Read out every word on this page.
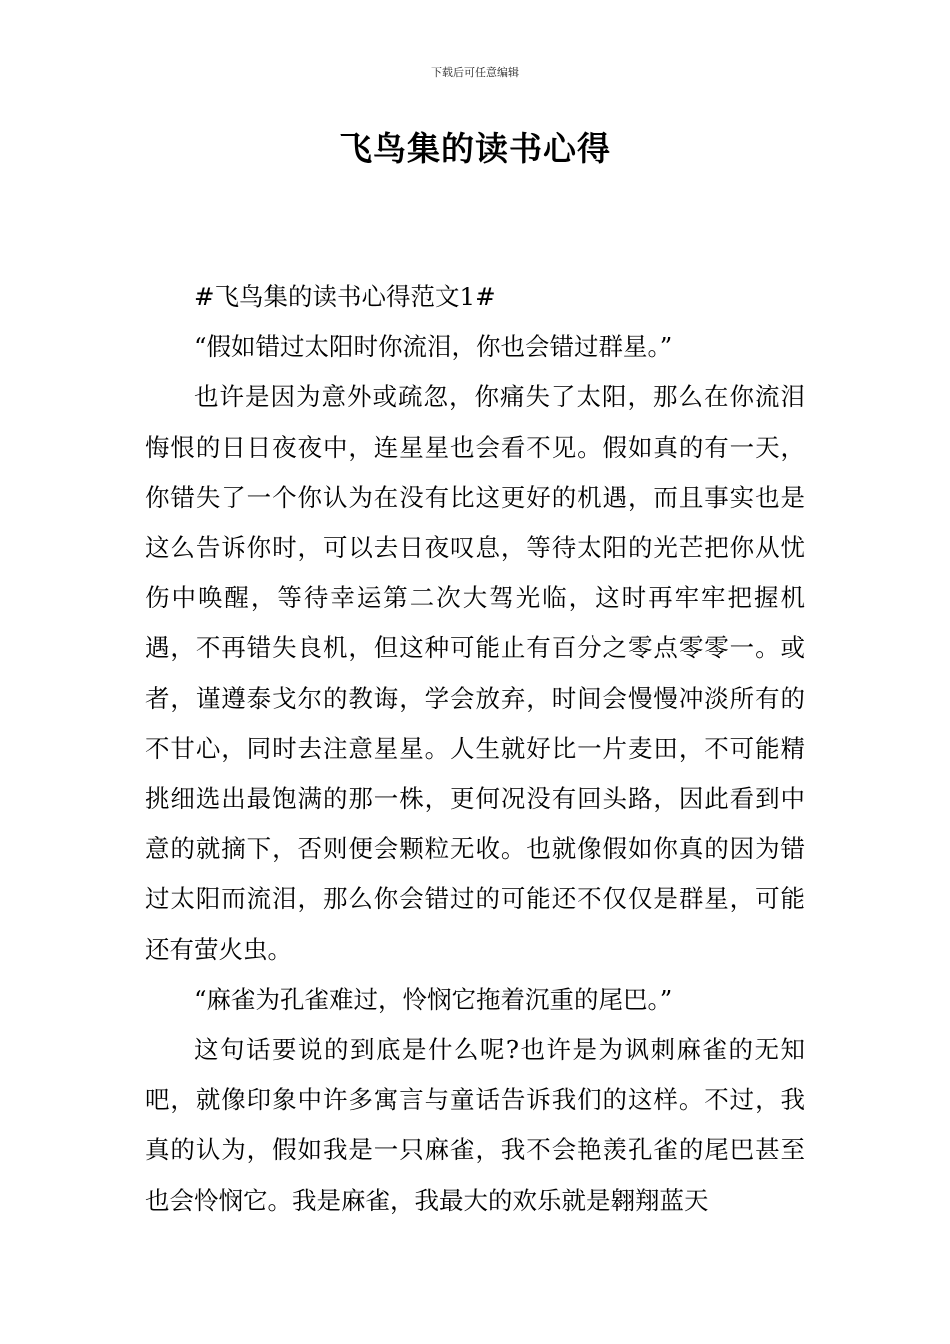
下载后可任意编辑
飞鸟集的读书心得

#飞鸟集的读书心得范文1#

“假如错过太阳时你流泪，你也会错过群星。”

也许是因为意外或疏忽，你痛失了太阳，那么在你流泪悔恨的日日夜夜中，连星星也会看不见。假如真的有一天，你错失了一个你认为在没有比这更好的机遇，而且事实也是这么告诉你时，可以去日夜叹息，等待太阳的光芒把你从忧伤中唤醒，等待幸运第二次大驾光临，这时再牢牢把握机遇，不再错失良机，但这种可能止有百分之零点零零一。或者，谨遵泰戈尔的教诲，学会放弃，时间会慢慢冲淡所有的不甘心，同时去注意星星。人生就好比一片麦田，不可能精挑细选出最饱满的那一株，更何况没有回头路，因此看到中意的就摘下，否则便会颗粒无收。也就像假如你真的因为错过太阳而流泪，那么你会错过的可能还不仅仅是群星，可能还有萤火虫。

“麻雀为孔雀难过，怜悯它拖着沉重的尾巴。”

这句话要说的到底是什么呢?也许是为讽刺麻雀的无知吧，就像印象中许多寓言与童话告诉我们的这样。不过，我真的认为，假如我是一只麻雀，我不会艳羡孔雀的尾巴甚至也会怜悯它。我是麻雀，我最大的欢乐就是翱翔蓝天
